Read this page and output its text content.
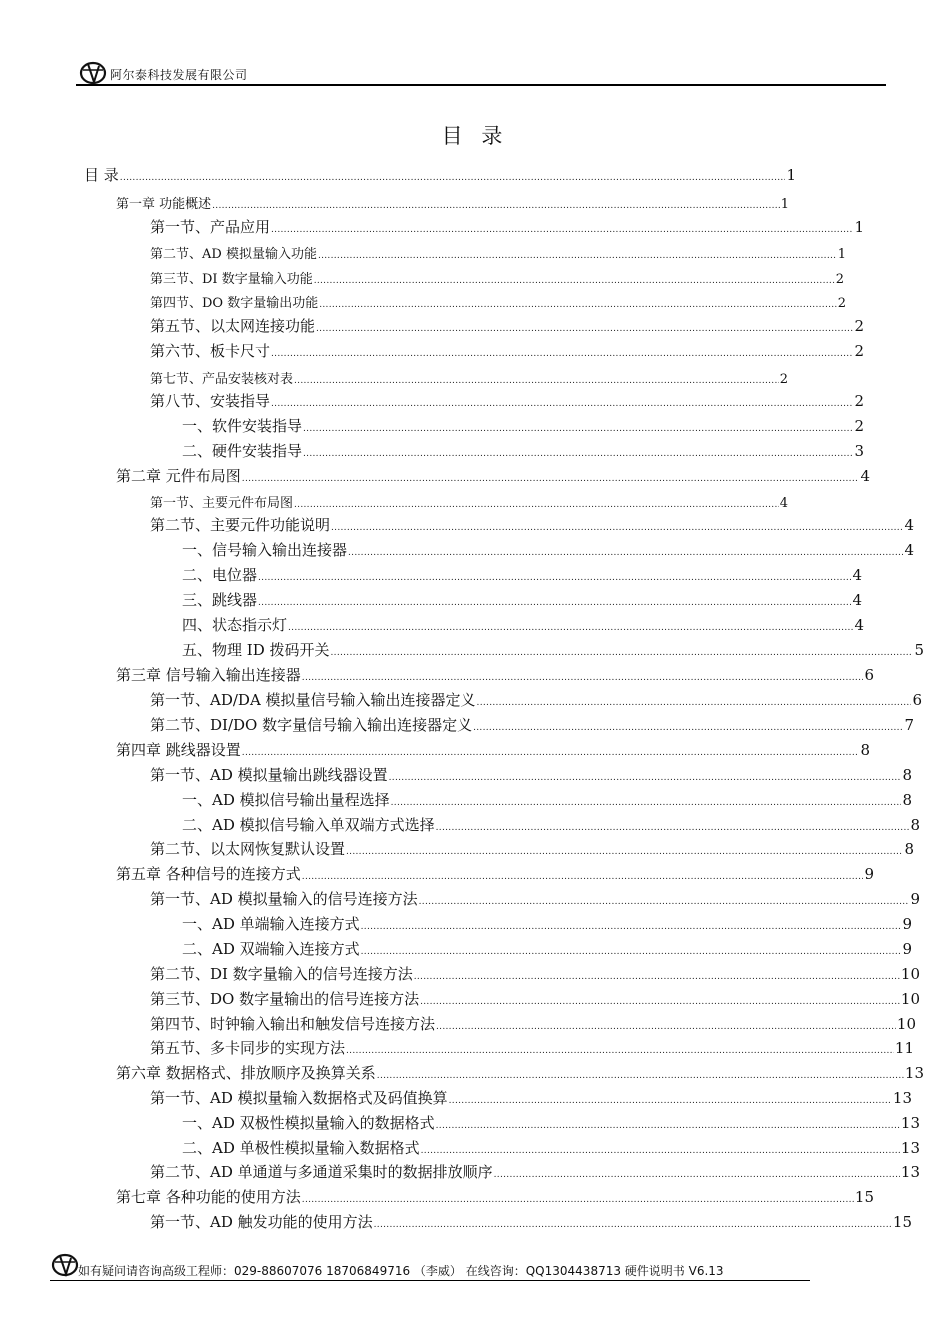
阿尔泰科技发展有限公司
目 录
目 录 .....	1
第一章 功能概述 .....	1
第一节、产品应用 .....	1
第二节、AD 模拟量输入功能 .....	1
第三节、DI 数字量输入功能 .....	2
第四节、DO 数字量输出功能 .....	2
第五节、以太网连接功能 .....	2
第六节、板卡尺寸 .....	2
第七节、产品安装核对表 .....	2
第八节、安装指导 .....	2
一、软件安装指导 .....	2
二、硬件安装指导 .....	3
第二章 元件布局图 .....	4
第一节、主要元件布局图 .....	4
第二节、主要元件功能说明 .....	4
一、信号输入输出连接器 .....	4
二、电位器 .....	4
三、跳线器 .....	4
四、状态指示灯 .....	4
五、物理 ID 拨码开关 .....	5
第三章 信号输入输出连接器 .....	6
第一节、AD/DA 模拟量信号输入输出连接器定义 .....	6
第二节、DI/DO 数字量信号输入输出连接器定义 .....	7
第四章 跳线器设置 .....	8
第一节、AD 模拟量输出跳线器设置 .....	8
一、AD 模拟信号输出量程选择 .....	8
二、AD 模拟信号输入单双端方式选择 .....	8
第二节、以太网恢复默认设置 .....	8
第五章 各种信号的连接方式 .....	9
第一节、AD 模拟量输入的信号连接方法 .....	9
一、AD 单端输入连接方式 .....	9
二、AD 双端输入连接方式 .....	9
第二节、DI 数字量输入的信号连接方法 .....	10
第三节、DO 数字量输出的信号连接方法 .....	10
第四节、时钟输入输出和触发信号连接方法 .....	10
第五节、多卡同步的实现方法 .....	11
第六章 数据格式、排放顺序及换算关系 .....	13
第一节、AD 模拟量输入数据格式及码值换算 .....	13
一、AD 双极性模拟量输入的数据格式 .....	13
二、AD 单极性模拟量输入数据格式 .....	13
第二节、AD 单通道与多通道采集时的数据排放顺序 .....	13
第七章 各种功能的使用方法 .....	15
第一节、AD 触发功能的使用方法 .....	15
如有疑问请咨询高级工程师：029-88607076 18706849716 （李威） 在线咨询：QQ1304438713 硬件说明书 V6.13
